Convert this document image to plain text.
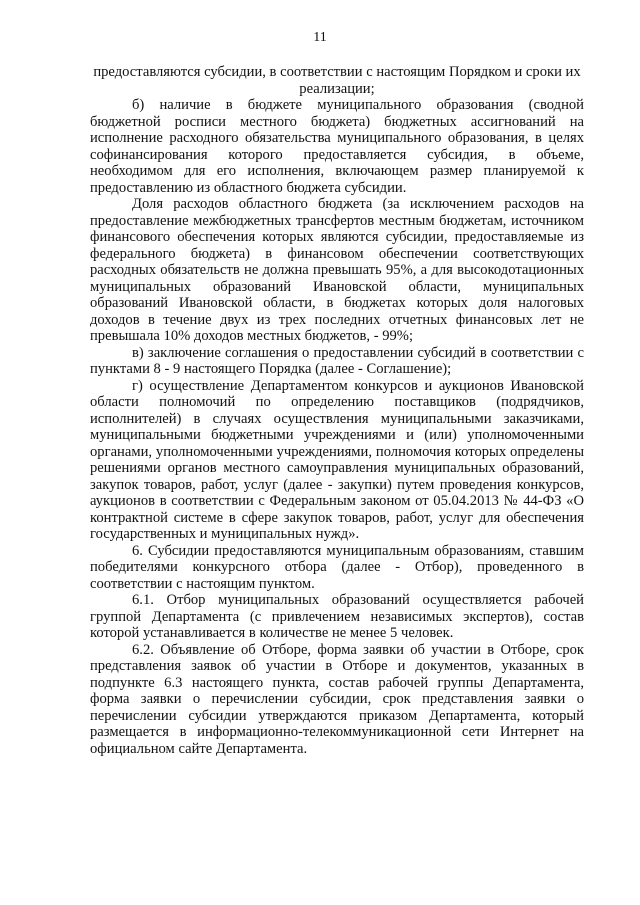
11

предоставляются субсидии, в соответствии с настоящим Порядком и сроки их реализации;

б) наличие в бюджете муниципального образования (сводной бюджетной росписи местного бюджета) бюджетных ассигнований на исполнение расходного обязательства муниципального образования, в целях софинансирования которого предоставляется субсидия, в объеме, необходимом для его исполнения, включающем размер планируемой к предоставлению из областного бюджета субсидии.

Доля расходов областного бюджета (за исключением расходов на предоставление межбюджетных трансфертов местным бюджетам, источником финансового обеспечения которых являются субсидии, предоставляемые из федерального бюджета) в финансовом обеспечении соответствующих расходных обязательств не должна превышать 95%, а для высокодотационных муниципальных образований Ивановской области, муниципальных образований Ивановской области, в бюджетах которых доля налоговых доходов в течение двух из трех последних отчетных финансовых лет не превышала 10% доходов местных бюджетов, - 99%;

в) заключение соглашения о предоставлении субсидий в соответствии с пунктами 8 - 9 настоящего Порядка (далее - Соглашение);

г) осуществление Департаментом конкурсов и аукционов Ивановской области полномочий по определению поставщиков (подрядчиков, исполнителей) в случаях осуществления муниципальными заказчиками, муниципальными бюджетными учреждениями и (или) уполномоченными органами, уполномоченными учреждениями, полномочия которых определены решениями органов местного самоуправления муниципальных образований, закупок товаров, работ, услуг (далее - закупки) путем проведения конкурсов, аукционов в соответствии с Федеральным законом от 05.04.2013 № 44-ФЗ «О контрактной системе в сфере закупок товаров, работ, услуг для обеспечения государственных и муниципальных нужд».

6. Субсидии предоставляются муниципальным образованиям, ставшим победителями конкурсного отбора (далее - Отбор), проведенного в соответствии с настоящим пунктом.

6.1. Отбор муниципальных образований осуществляется рабочей группой Департамента (с привлечением независимых экспертов), состав которой устанавливается в количестве не менее 5 человек.

6.2. Объявление об Отборе, форма заявки об участии в Отборе, срок представления заявок об участии в Отборе и документов, указанных в подпункте 6.3 настоящего пункта, состав рабочей группы Департамента, форма заявки о перечислении субсидии, срок представления заявки о перечислении субсидии утверждаются приказом Департамента, который размещается в информационно-телекоммуникационной сети Интернет на официальном сайте Департамента.
